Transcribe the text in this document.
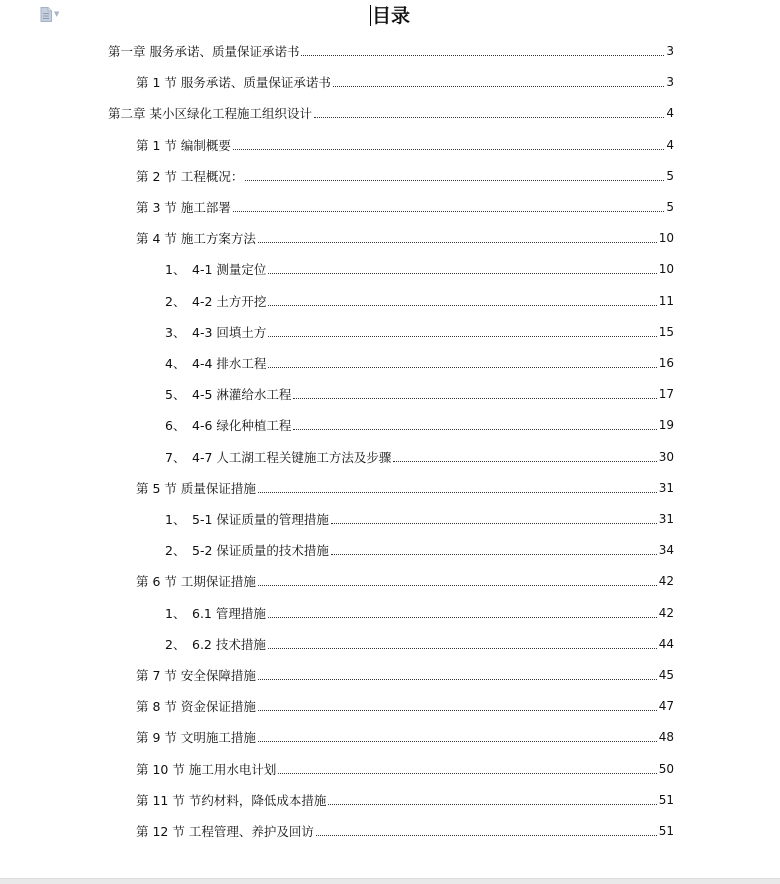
▼	目录
第一章 服务承诺、质量保证承诺书	3
第 1 节 服务承诺、质量保证承诺书	3
第二章 某小区绿化工程施工组织设计	4
第 1 节 编制概要	4
第 2 节 工程概况：	5
第 3 节 施工部署	5
第 4 节 施工方案方法	10
1、 4-1 测量定位	10
2、 4-2 土方开挖	11
3、 4-3 回填土方	15
4、 4-4 排水工程	16
5、 4-5 淋灌给水工程	17
6、 4-6 绿化种植工程	19
7、 4-7 人工湖工程关键施工方法及步骤	30
第 5 节 质量保证措施	31
1、 5-1 保证质量的管理措施	31
2、 5-2 保证质量的技术措施	34
第 6 节 工期保证措施	42
1、 6.1 管理措施	42
2、 6.2 技术措施	44
第 7 节 安全保障措施	45
第 8 节 资金保证措施	47
第 9 节 文明施工措施	48
第 10 节 施工用水电计划	50
第 11 节 节约材料，降低成本措施	51
第 12 节 工程管理、养护及回访	51
